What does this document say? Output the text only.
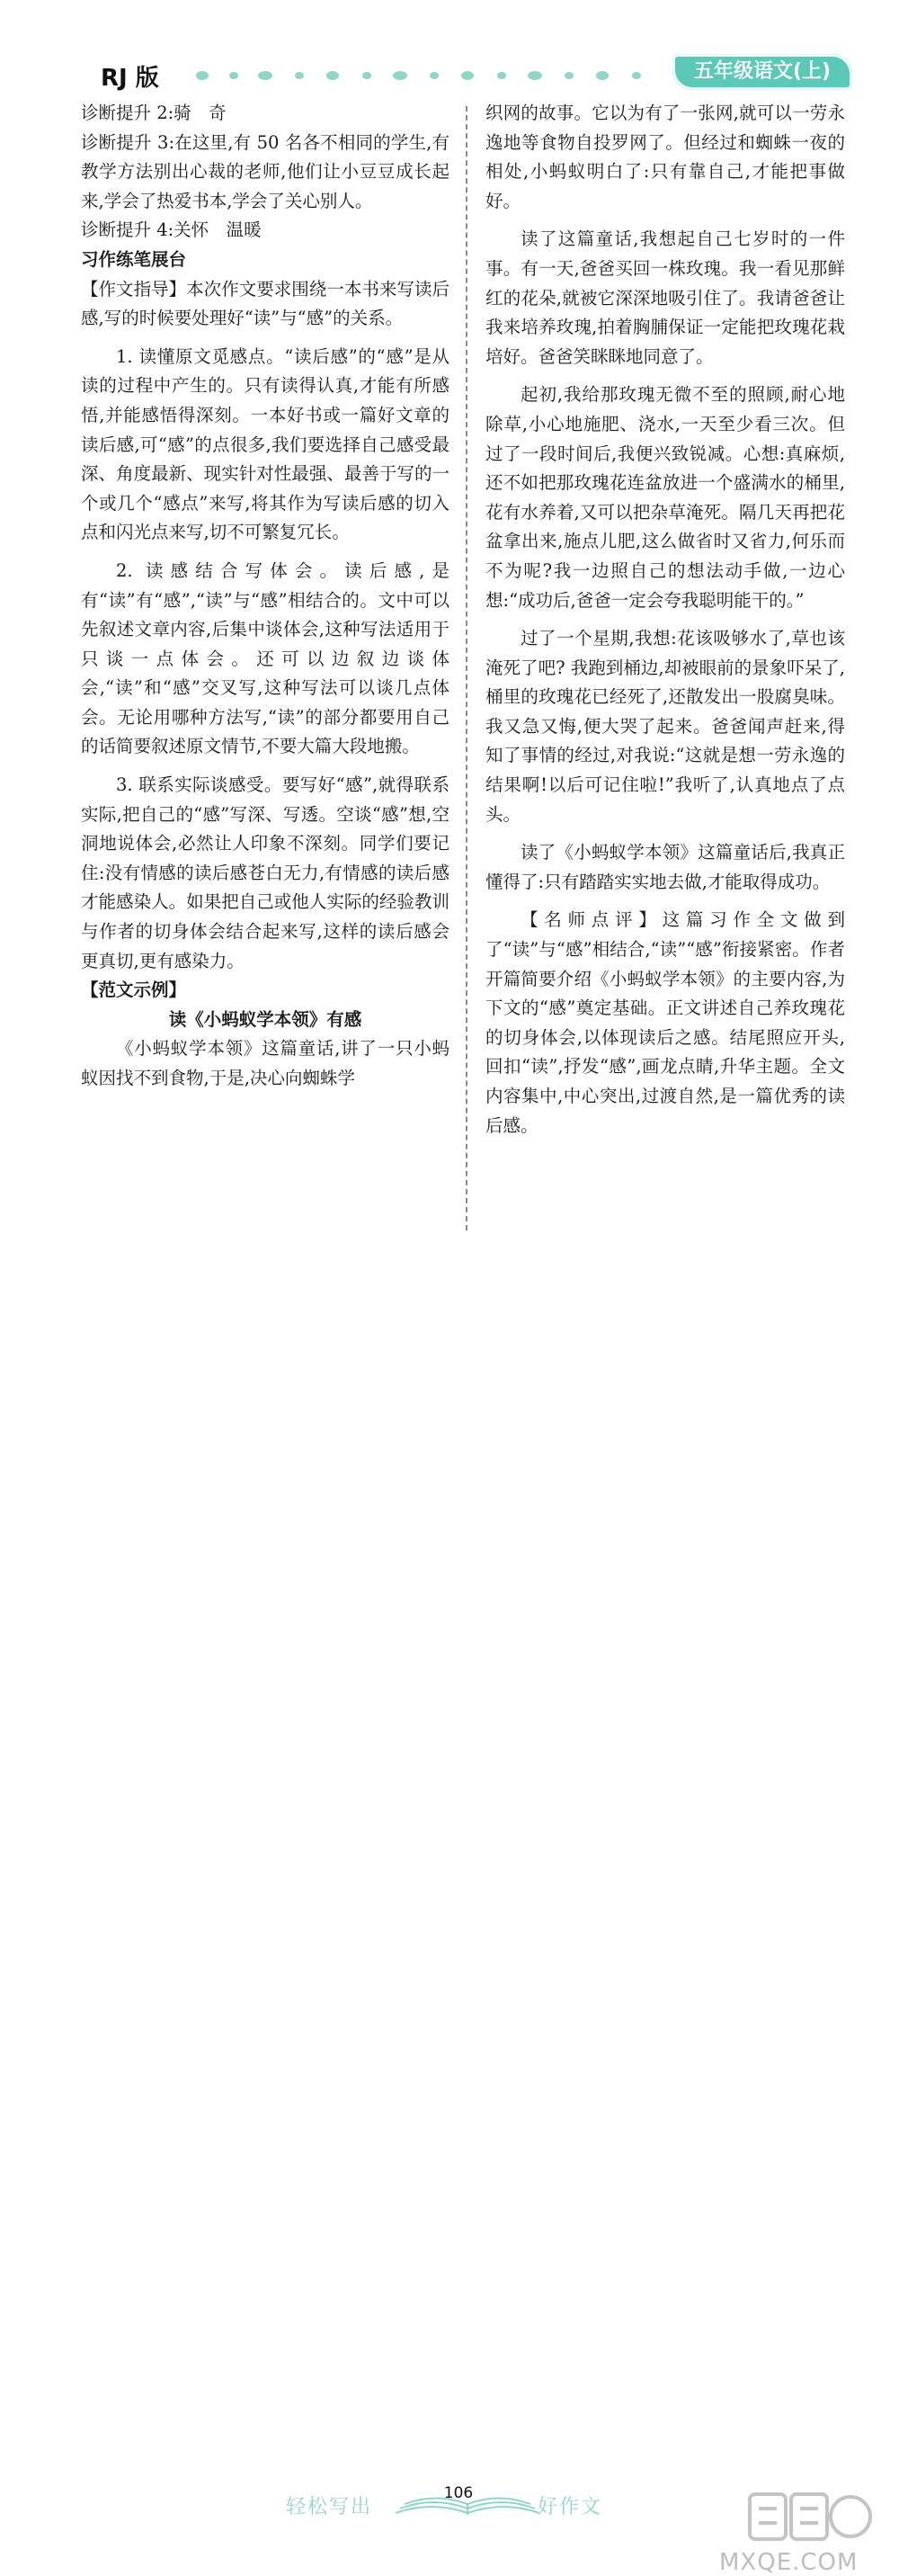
RJ 版	五年级语文(上)

诊断提升 2:骑　奇

诊断提升 3:在这里,有 50 名各不相同的学生,有教学方法别出心裁的老师,他们让小豆豆成长起来,学会了热爱书本,学会了关心别人。

诊断提升 4:关怀　温暖

习作练笔展台

【作文指导】本次作文要求围绕一本书来写读后感,写的时候要处理好“读”与“感”的关系。

1. 读懂原文觅感点。“读后感”的“感”是从读的过程中产生的。只有读得认真,才能有所感悟,并能感悟得深刻。一本好书或一篇好文章的读后感,可“感”的点很多,我们要选择自己感受最深、角度最新、现实针对性最强、最善于写的一个或几个“感点”来写,将其作为写读后感的切入点和闪光点来写,切不可繁复冗长。

2. 读感结合写体会。读后感,是有“读”有“感”,“读”与“感”相结合的。文中可以先叙述文章内容,后集中谈体会,这种写法适用于只谈一点体会。还可以边叙边谈体会,“读”和“感”交叉写,这种写法可以谈几点体会。无论用哪种方法写,“读”的部分都要用自己的话简要叙述原文情节,不要大篇大段地搬。

3. 联系实际谈感受。要写好“感”,就得联系实际,把自己的“感”写深、写透。空谈“感”想,空洞地说体会,必然让人印象不深刻。同学们要记住:没有情感的读后感苍白无力,有情感的读后感才能感染人。如果把自己或他人实际的经验教训与作者的切身体会结合起来写,这样的读后感会更真切,更有感染力。

【范文示例】

读《小蚂蚁学本领》有感

《小蚂蚁学本领》这篇童话,讲了一只小蚂蚁因找不到食物,于是,决心向蜘蛛学

织网的故事。它以为有了一张网,就可以一劳永逸地等食物自投罗网了。但经过和蜘蛛一夜的相处,小蚂蚁明白了:只有靠自己,才能把事做好。

读了这篇童话,我想起自己七岁时的一件事。有一天,爸爸买回一株玫瑰。我一看见那鲜红的花朵,就被它深深地吸引住了。我请爸爸让我来培养玫瑰,拍着胸脯保证一定能把玫瑰花栽培好。爸爸笑眯眯地同意了。

起初,我给那玫瑰无微不至的照顾,耐心地除草,小心地施肥、浇水,一天至少看三次。但过了一段时间后,我便兴致锐减。心想:真麻烦,还不如把那玫瑰花连盆放进一个盛满水的桶里,花有水养着,又可以把杂草淹死。隔几天再把花盆拿出来,施点儿肥,这么做省时又省力,何乐而不为呢?我一边照自己的想法动手做,一边心想:“成功后,爸爸一定会夸我聪明能干的。”

过了一个星期,我想:花该吸够水了,草也该淹死了吧? 我跑到桶边,却被眼前的景象吓呆了,桶里的玫瑰花已经死了,还散发出一股腐臭味。我又急又悔,便大哭了起来。爸爸闻声赶来,得知了事情的经过,对我说:“这就是想一劳永逸的结果啊!以后可记住啦!”我听了,认真地点了点头。

读了《小蚂蚁学本领》这篇童话后,我真正懂得了:只有踏踏实实地去做,才能取得成功。

【名师点评】这篇习作全文做到了“读”与“感”相结合,“读”“感”衔接紧密。作者开篇简要介绍《小蚂蚁学本领》的主要内容,为下文的“感”奠定基础。正文讲述自己养玫瑰花的切身体会,以体现读后之感。结尾照应开头,回扣“读”,抒发“感”,画龙点睛,升华主题。全文内容集中,中心突出,过渡自然,是一篇优秀的读后感。

轻松写出
106
好作文
MXQE.COM
